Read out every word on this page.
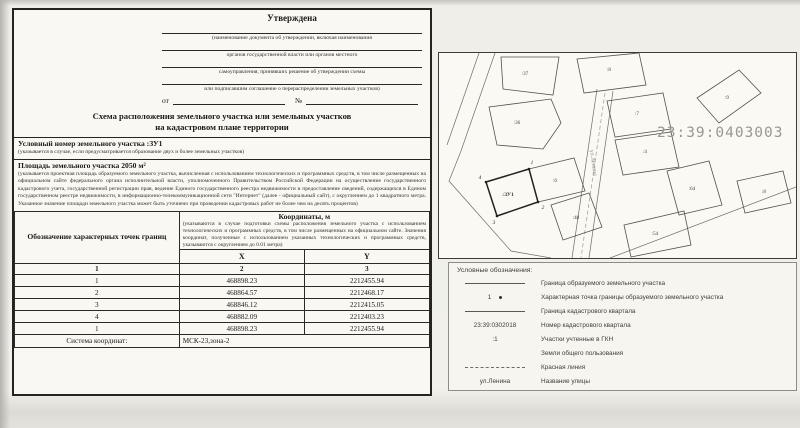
Утверждена
(наименование документа об утверждении, включая наименования
органов государственной власти или органов местного
самоуправления, принявших решение об утверждении схемы
или подписавшим соглашение о перераспределении земельных участков)
от	№
Схема расположения земельного участка или земельных участков
на кадастровом плане территории
Условный номер земельного участка :ЗУ1
(указывается в случае, если предусматривается образование двух и более земельных участков)
Площадь земельного участка 2050 м²
(указывается проектная площадь образуемого земельного участка, вычисленная с использованием технологических и программных средств, в том числе размещенных на официальном сайте федерального органа исполнительной власти, уполномоченного Правительством Российской Федерации на осуществление государственного кадастрового учета, государственной регистрации прав, ведение Единого государственного реестра недвижимости и предоставление сведений, содержащихся в Едином государственном реестре недвижимости, в информационно-телекоммуникационной сети "Интернет" (далее - официальный сайт), с округлением до 1 квадратного метра. Указанное значение площади земельного участка может быть уточнено при проведении кадастровых работ не более чем на десять процентов)
Обозначение характерных точек границ	Координаты, м
(указываются в случае подготовки схемы расположения земельного участка с использованием технологических и программных средств, в том числе размещенных на официальном сайте. Значения координат, полученные с использованием указанных технологических и программных средств, указываются с округлением до 0.01 метра)	

	X	Y
1	2	3
1	468898.23	2212455.94
2	468864.57	2212468.17
3	468846.12	2212415.05
4	468882.09	2212403.23
1	468898.23	2212455.94
Система координат:	МСК-23,зона-2	
:37
:36
:8
:7
:4
:9
:64
:54
:8
:6
:48
:ЗУ1
1
2
3
4
23:39:0403003
ул.Ленина
Условные обозначения:
Граница образуемого земельного участка
1	Характерная точка границы образуемого земельного участка
Граница кадастрового квартала
23:39:0302018	Номер кадастрового квартала
:1	Участки учтенные в ГКН
Земли общего пользования
Красная линия
ул.Ленина	Название улицы
